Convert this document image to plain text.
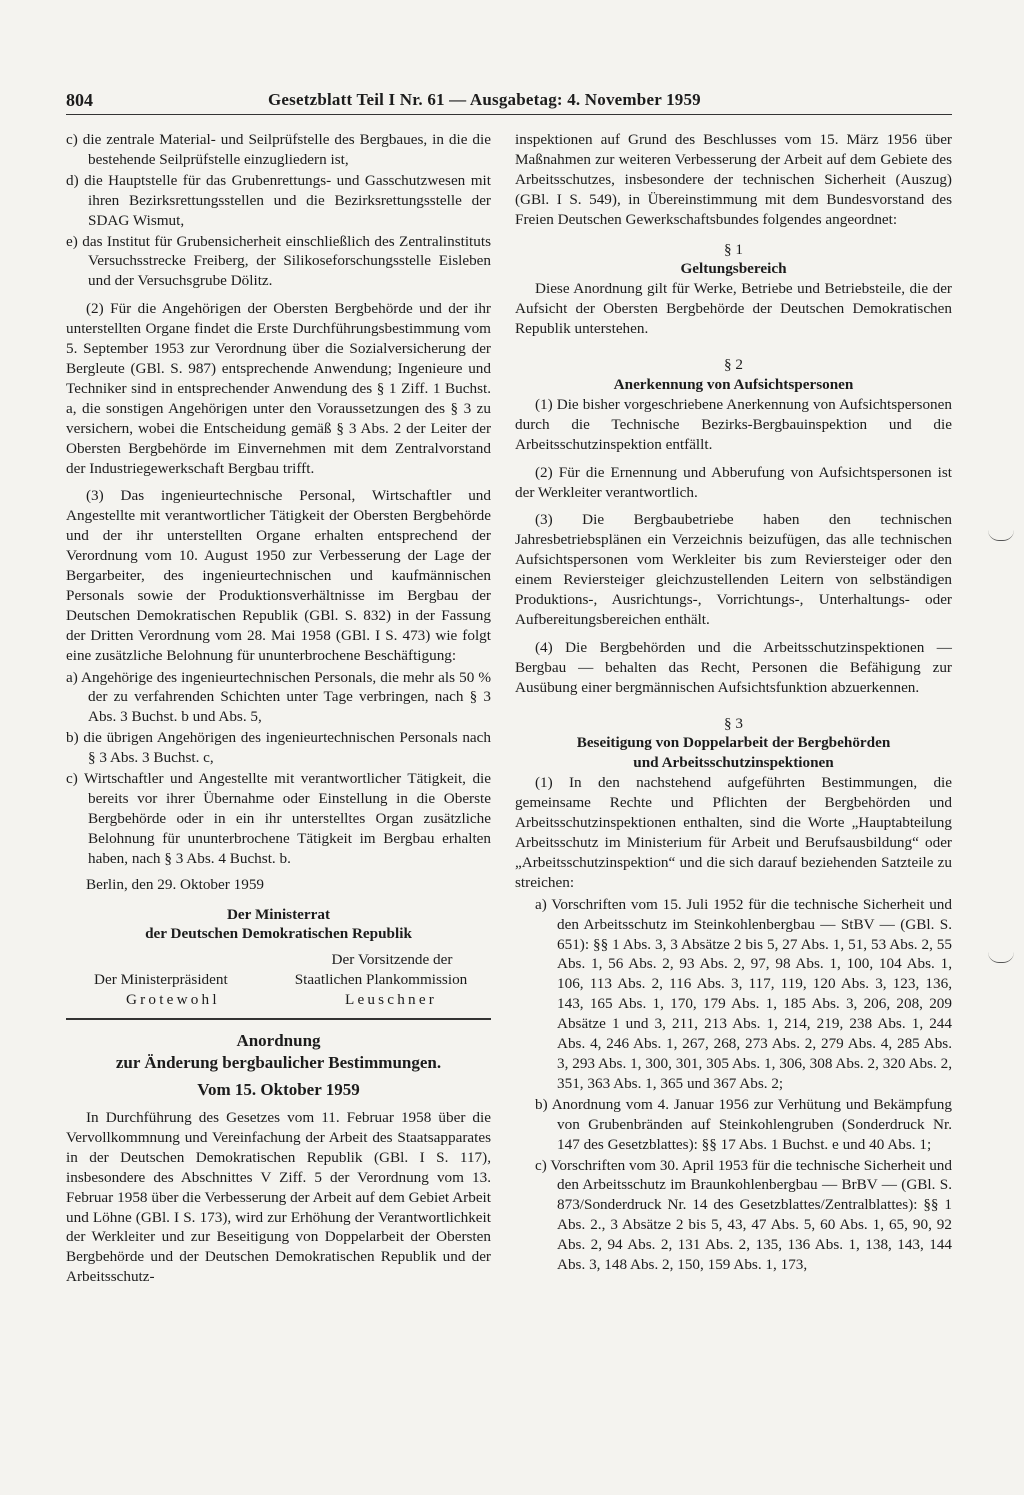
804	Gesetzblatt Teil I Nr. 61 — Ausgabetag: 4. November 1959
c) die zentrale Material- und Seilprüfstelle des Bergbaues, in die die bestehende Seilprüfstelle einzugliedern ist,
d) die Hauptstelle für das Grubenrettungs- und Gasschutzwesen mit ihren Bezirksrettungsstellen und die Bezirksrettungsstelle der SDAG Wismut,
e) das Institut für Grubensicherheit einschließlich des Zentralinstituts Versuchsstrecke Freiberg, der Silikoseforschungsstelle Eisleben und der Versuchsgrube Dölitz.

(2) Für die Angehörigen der Obersten Bergbehörde und der ihr unterstellten Organe findet die Erste Durchführungsbestimmung vom 5. September 1953 zur Verordnung über die Sozialversicherung der Bergleute (GBl. S. 987) entsprechende Anwendung; Ingenieure und Techniker sind in entsprechender Anwendung des § 1 Ziff. 1 Buchst. a, die sonstigen Angehörigen unter den Voraussetzungen des § 3 zu versichern, wobei die Entscheidung gemäß § 3 Abs. 2 der Leiter der Obersten Bergbehörde im Einvernehmen mit dem Zentralvorstand der Industriegewerkschaft Bergbau trifft.

(3) Das ingenieurtechnische Personal, Wirtschaftler und Angestellte mit verantwortlicher Tätigkeit der Obersten Bergbehörde und der ihr unterstellten Organe erhalten entsprechend der Verordnung vom 10. August 1950 zur Verbesserung der Lage der Bergarbeiter, des ingenieurtechnischen und kaufmännischen Personals sowie der Produktionsverhältnisse im Bergbau der Deutschen Demokratischen Republik (GBl. S. 832) in der Fassung der Dritten Verordnung vom 28. Mai 1958 (GBl. I S. 473) wie folgt eine zusätzliche Belohnung für ununterbrochene Beschäftigung:

a) Angehörige des ingenieurtechnischen Personals, die mehr als 50 % der zu verfahrenden Schichten unter Tage verbringen, nach § 3 Abs. 3 Buchst. b und Abs. 5,
b) die übrigen Angehörigen des ingenieurtechnischen Personals nach § 3 Abs. 3 Buchst. c,
c) Wirtschaftler und Angestellte mit verantwortlicher Tätigkeit, die bereits vor ihrer Übernahme oder Einstellung in die Oberste Bergbehörde oder in ein ihr unterstelltes Organ zusätzliche Belohnung für ununterbrochene Tätigkeit im Bergbau erhalten haben, nach § 3 Abs. 4 Buchst. b.

Berlin, den 29. Oktober 1959

Der Ministerrat

der Deutschen Demokratischen Republik

Der Vorsitzende der
Der Ministerpräsident	Staatlichen Plankommission
Grotewohl	Leuschner

Anordnung

zur Änderung bergbaulicher Bestimmungen.

Vom 15. Oktober 1959

In Durchführung des Gesetzes vom 11. Februar 1958 über die Vervollkommnung und Vereinfachung der Arbeit des Staatsapparates in der Deutschen Demokratischen Republik (GBl. I S. 117), insbesondere des Abschnittes V Ziff. 5 der Verordnung vom 13. Februar 1958 über die Verbesserung der Arbeit auf dem Gebiet Arbeit und Löhne (GBl. I S. 173), wird zur Erhöhung der Verantwortlichkeit der Werkleiter und zur Beseitigung von Doppelarbeit der Obersten Bergbehörde und der Deutschen Demokratischen Republik und der Arbeitsschutz-

inspektionen auf Grund des Beschlusses vom 15. März 1956 über Maßnahmen zur weiteren Verbesserung der Arbeit auf dem Gebiete des Arbeitsschutzes, insbesondere der technischen Sicherheit (Auszug) (GBl. I S. 549), in Übereinstimmung mit dem Bundesvorstand des Freien Deutschen Gewerkschaftsbundes folgendes angeordnet:

§ 1

Geltungsbereich

Diese Anordnung gilt für Werke, Betriebe und Betriebsteile, die der Aufsicht der Obersten Bergbehörde der Deutschen Demokratischen Republik unterstehen.

§ 2

Anerkennung von Aufsichtspersonen

(1) Die bisher vorgeschriebene Anerkennung von Aufsichtspersonen durch die Technische Bezirks-Bergbauinspektion und die Arbeitsschutzinspektion entfällt.

(2) Für die Ernennung und Abberufung von Aufsichtspersonen ist der Werkleiter verantwortlich.

(3) Die Bergbaubetriebe haben den technischen Jahresbetriebsplänen ein Verzeichnis beizufügen, das alle technischen Aufsichtspersonen vom Werkleiter bis zum Reviersteiger oder den einem Reviersteiger gleichzustellenden Leitern von selbständigen Produktions-, Ausrichtungs-, Vorrichtungs-, Unterhaltungs- oder Aufbereitungsbereichen enthält.

(4) Die Bergbehörden und die Arbeitsschutzinspektionen — Bergbau — behalten das Recht, Personen die Befähigung zur Ausübung einer bergmännischen Aufsichtsfunktion abzuerkennen.

§ 3

Beseitigung von Doppelarbeit der Bergbehörden

und Arbeitsschutzinspektionen

(1) In den nachstehend aufgeführten Bestimmungen, die gemeinsame Rechte und Pflichten der Bergbehörden und Arbeitsschutzinspektionen enthalten, sind die Worte „Hauptabteilung Arbeitsschutz im Ministerium für Arbeit und Berufsausbildung“ oder „Arbeitsschutzinspektion“ und die sich darauf beziehenden Satzteile zu streichen:

a) Vorschriften vom 15. Juli 1952 für die technische Sicherheit und den Arbeitsschutz im Steinkohlenbergbau — StBV — (GBl. S. 651): §§ 1 Abs. 3, 3 Absätze 2 bis 5, 27 Abs. 1, 51, 53 Abs. 2, 55 Abs. 1, 56 Abs. 2, 93 Abs. 2, 97, 98 Abs. 1, 100, 104 Abs. 1, 106, 113 Abs. 2, 116 Abs. 3, 117, 119, 120 Abs. 3, 123, 136, 143, 165 Abs. 1, 170, 179 Abs. 1, 185 Abs. 3, 206, 208, 209 Absätze 1 und 3, 211, 213 Abs. 1, 214, 219, 238 Abs. 1, 244 Abs. 4, 246 Abs. 1, 267, 268, 273 Abs. 2, 279 Abs. 4, 285 Abs. 3, 293 Abs. 1, 300, 301, 305 Abs. 1, 306, 308 Abs. 2, 320 Abs. 2, 351, 363 Abs. 1, 365 und 367 Abs. 2;
b) Anordnung vom 4. Januar 1956 zur Verhütung und Bekämpfung von Grubenbränden auf Steinkohlengruben (Sonderdruck Nr. 147 des Gesetzblattes): §§ 17 Abs. 1 Buchst. e und 40 Abs. 1;
c) Vorschriften vom 30. April 1953 für die technische Sicherheit und den Arbeitsschutz im Braunkohlenbergbau — BrBV — (GBl. S. 873/Sonderdruck Nr. 14 des Gesetzblattes/Zentralblattes): §§ 1 Abs. 2., 3 Absätze 2 bis 5, 43, 47 Abs. 5, 60 Abs. 1, 65, 90, 92 Abs. 2, 94 Abs. 2, 131 Abs. 2, 135, 136 Abs. 1, 138, 143, 144 Abs. 3, 148 Abs. 2, 150, 159 Abs. 1, 173,
